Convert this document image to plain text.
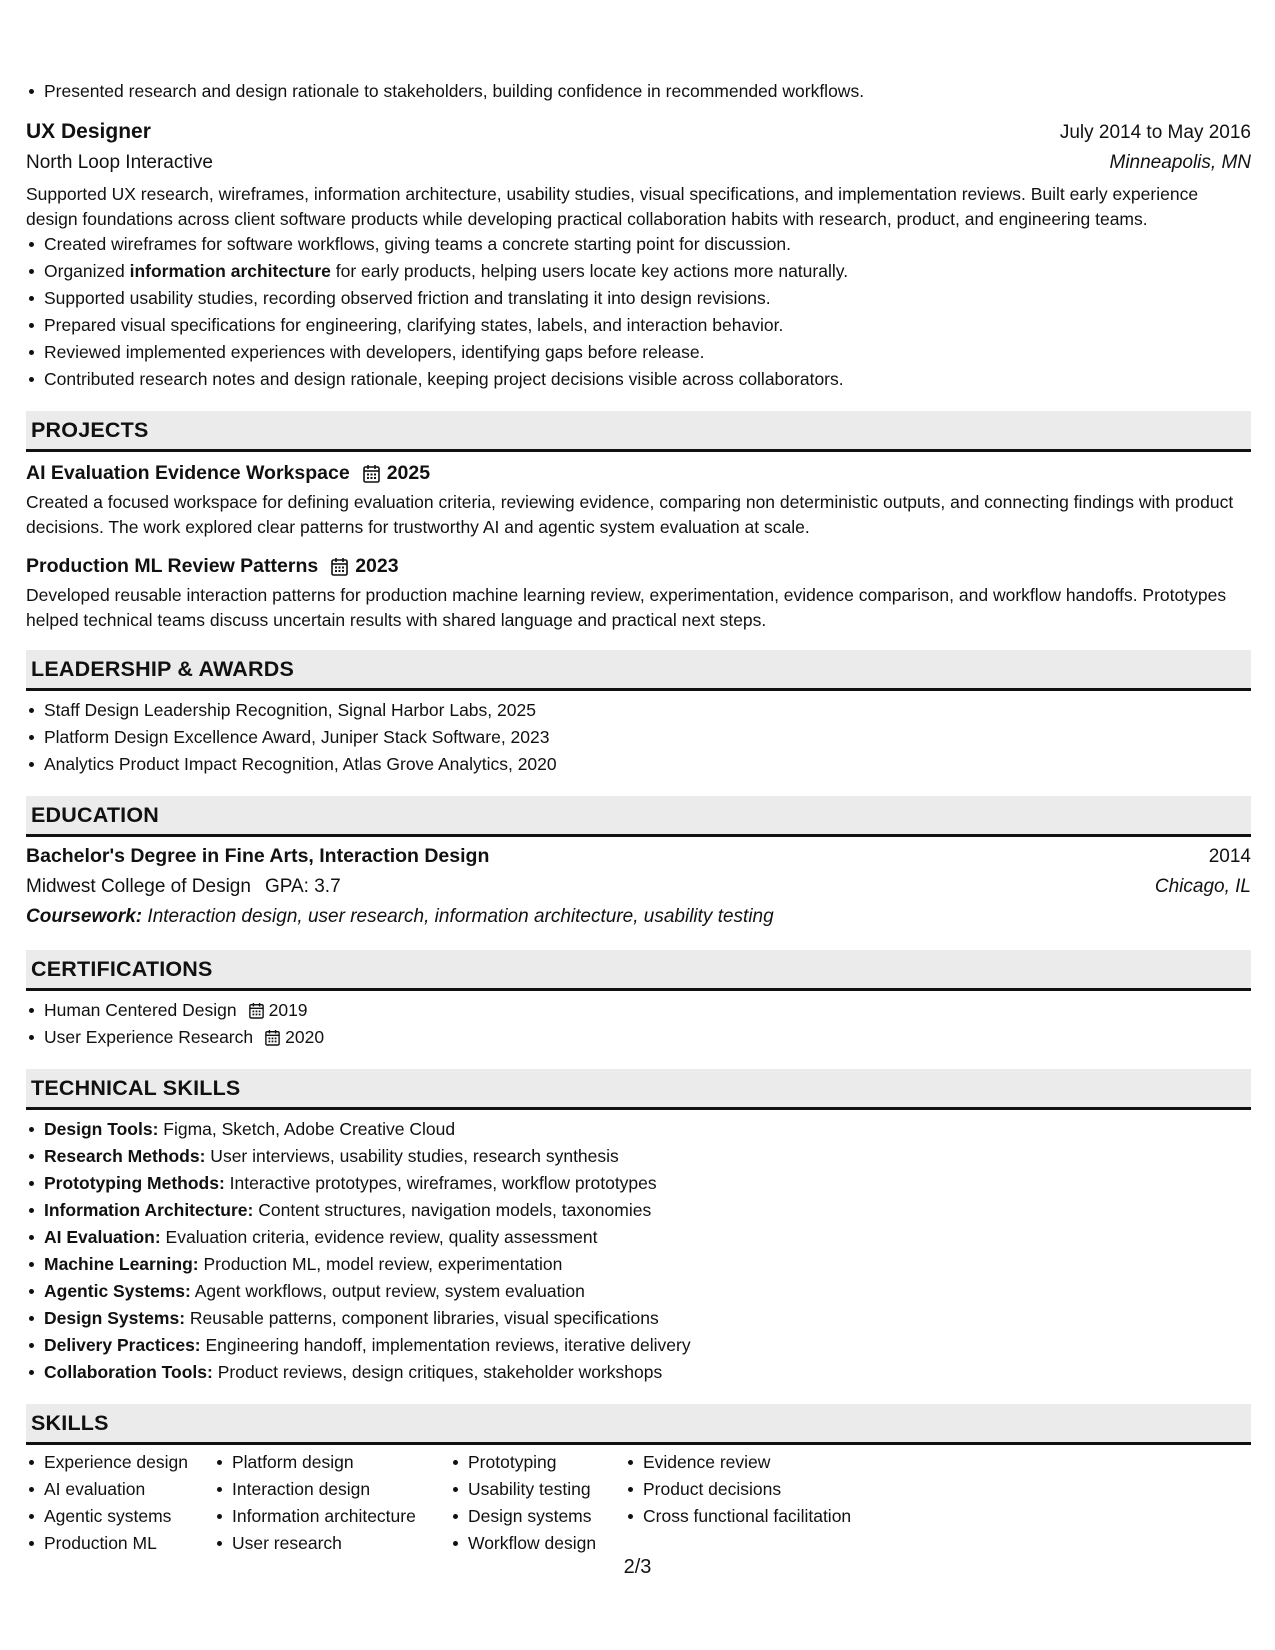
Presented research and design rationale to stakeholders, building confidence in recommended workflows.
UX Designer	July 2014 to May 2016
North Loop Interactive	Minneapolis, MN
Supported UX research, wireframes, information architecture, usability studies, visual specifications, and implementation reviews. Built early experience design foundations across client software products while developing practical collaboration habits with research, product, and engineering teams.
Created wireframes for software workflows, giving teams a concrete starting point for discussion.
Organized information architecture for early products, helping users locate key actions more naturally.
Supported usability studies, recording observed friction and translating it into design revisions.
Prepared visual specifications for engineering, clarifying states, labels, and interaction behavior.
Reviewed implemented experiences with developers, identifying gaps before release.
Contributed research notes and design rationale, keeping project decisions visible across collaborators.
PROJECTS
AI Evaluation Evidence Workspace 2025
Created a focused workspace for defining evaluation criteria, reviewing evidence, comparing non deterministic outputs, and connecting findings with product decisions. The work explored clear patterns for trustworthy AI and agentic system evaluation at scale.
Production ML Review Patterns 2023
Developed reusable interaction patterns for production machine learning review, experimentation, evidence comparison, and workflow handoffs. Prototypes helped technical teams discuss uncertain results with shared language and practical next steps.
LEADERSHIP & AWARDS
Staff Design Leadership Recognition, Signal Harbor Labs, 2025
Platform Design Excellence Award, Juniper Stack Software, 2023
Analytics Product Impact Recognition, Atlas Grove Analytics, 2020
EDUCATION
Bachelor's Degree in Fine Arts, Interaction Design	2014
Midwest College of Design GPA: 3.7	Chicago, IL
Coursework: Interaction design, user research, information architecture, usability testing
CERTIFICATIONS
Human Centered Design 2019
User Experience Research 2020
TECHNICAL SKILLS
Design Tools: Figma, Sketch, Adobe Creative Cloud
Research Methods: User interviews, usability studies, research synthesis
Prototyping Methods: Interactive prototypes, wireframes, workflow prototypes
Information Architecture: Content structures, navigation models, taxonomies
AI Evaluation: Evaluation criteria, evidence review, quality assessment
Machine Learning: Production ML, model review, experimentation
Agentic Systems: Agent workflows, output review, system evaluation
Design Systems: Reusable patterns, component libraries, visual specifications
Delivery Practices: Engineering handoff, implementation reviews, iterative delivery
Collaboration Tools: Product reviews, design critiques, stakeholder workshops
SKILLS
Experience design
AI evaluation
Agentic systems
Production ML
Platform design
Interaction design
Information architecture
User research
Prototyping
Usability testing
Design systems
Workflow design
Evidence review
Product decisions
Cross functional facilitation
2/3
